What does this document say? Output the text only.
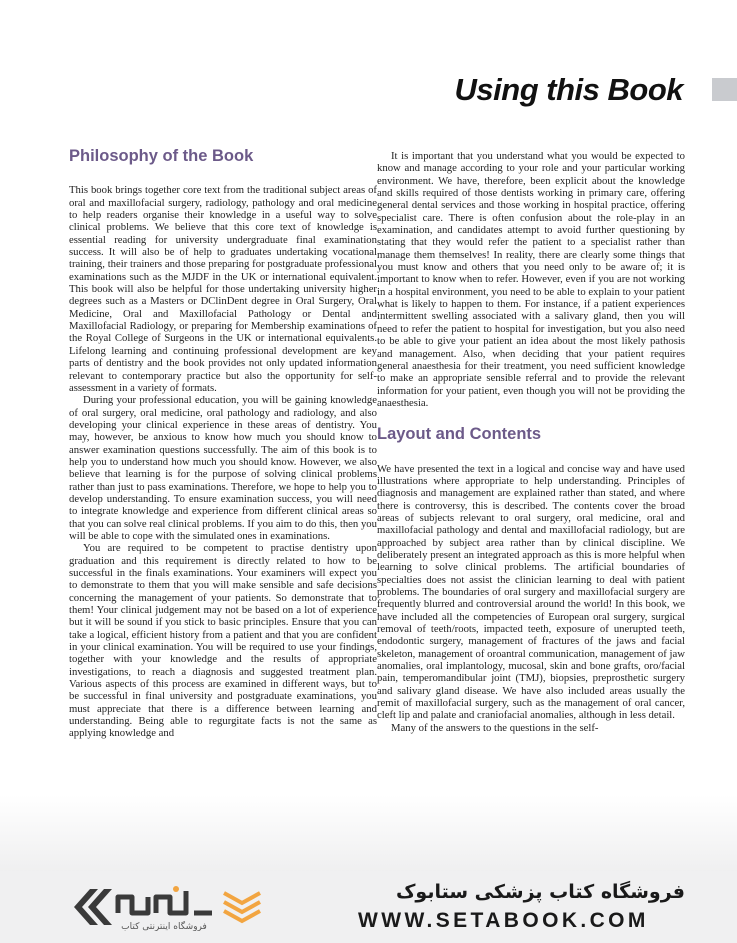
Using this Book
Philosophy of the Book

This book brings together core text from the traditional subject areas of oral and maxillofacial surgery, radiology, pathology and oral medicine to help readers organise their knowledge in a useful way to solve clinical problems. We believe that this core text of knowledge is essential reading for university undergraduate final examination success. It will also be of help to graduates undertaking vocational training, their trainers and those preparing for postgraduate professional examinations such as the MJDF in the UK or international equivalent. This book will also be helpful for those undertaking university higher degrees such as a Masters or DClinDent degree in Oral Surgery, Oral Medicine, Oral and Maxillofacial Pathology or Dental and Maxillofacial Radiology, or preparing for Membership examinations of the Royal College of Surgeons in the UK or international equivalents. Lifelong learning and continuing professional development are key parts of dentistry and the book provides not only updated information relevant to contemporary practice but also the opportunity for self-assessment in a variety of formats.

During your professional education, you will be gaining knowledge of oral surgery, oral medicine, oral pathology and radiology, and also developing your clinical experience in these areas of dentistry. You may, however, be anxious to know how much you should know to answer examination questions successfully. The aim of this book is to help you to understand how much you should know. However, we also believe that learning is for the purpose of solving clinical problems rather than just to pass examinations. Therefore, we hope to help you to develop understanding. To ensure examination success, you will need to integrate knowledge and experience from different clinical areas so that you can solve real clinical problems. If you aim to do this, then you will be able to cope with the simulated ones in examinations.

You are required to be competent to practise dentistry upon graduation and this requirement is directly related to how to be successful in the finals examinations. Your examiners will expect you to demonstrate to them that you will make sensible and safe decisions concerning the management of your patients. So demonstrate that to them! Your clinical judgement may not be based on a lot of experience but it will be sound if you stick to basic principles. Ensure that you can take a logical, efficient history from a patient and that you are confident in your clinical examination. You will be required to use your findings, together with your knowledge and the results of appropriate investigations, to reach a diagnosis and suggested treatment plan. Various aspects of this process are examined in different ways, but to be successful in final university and postgraduate examinations, you must appreciate that there is a difference between learning and understanding. Being able to regurgitate facts is not the same as applying knowledge and

It is important that you understand what you would be expected to know and manage according to your role and your particular working environment. We have, therefore, been explicit about the knowledge and skills required of those dentists working in primary care, offering general dental services and those working in hospital practice, offering specialist care. There is often confusion about the role-play in an examination, and candidates attempt to avoid further questioning by stating that they would refer the patient to a specialist rather than manage them themselves! In reality, there are clearly some things that you must know and others that you need only to be aware of; it is important to know when to refer. However, even if you are not working in a hospital environment, you need to be able to explain to your patient what is likely to happen to them. For instance, if a patient experiences intermittent swelling associated with a salivary gland, then you will need to refer the patient to hospital for investigation, but you also need to be able to give your patient an idea about the most likely pathosis and management. Also, when deciding that your patient requires general anaesthesia for their treatment, you need sufficient knowledge to make an appropriate sensible referral and to provide the relevant information for your patient, even though you will not be providing the anaesthesia.

Layout and Contents

We have presented the text in a logical and concise way and have used illustrations where appropriate to help understanding. Principles of diagnosis and management are explained rather than stated, and where there is controversy, this is described. The contents cover the broad areas of subjects relevant to oral surgery, oral medicine, oral and maxillofacial pathology and dental and maxillofacial radiology, but are approached by subject area rather than by clinical discipline. We deliberately present an integrated approach as this is more helpful when learning to solve clinical problems. The artificial boundaries of specialties does not assist the clinician learning to deal with patient problems. The boundaries of oral surgery and maxillofacial surgery are frequently blurred and controversial around the world! In this book, we have included all the competencies of European oral surgery, surgical removal of teeth/roots, impacted teeth, exposure of unerupted teeth, endodontic surgery, management of fractures of the jaws and facial skeleton, management of oroantral communication, management of jaw anomalies, oral implantology, mucosal, skin and bone grafts, oro/facial pain, temperomandibular joint (TMJ), biopsies, preprosthetic surgery and salivary gland disease. We have also included areas usually the remit of maxillofacial surgery, such as the management of oral cancer, cleft lip and palate and craniofacial anomalies, although in less detail.

Many of the answers to the questions in the self-

فروشگاه اینترنتی کتاب
فروشگاه کتاب پزشکی ستابوک
WWW.SETABOOK.COM
